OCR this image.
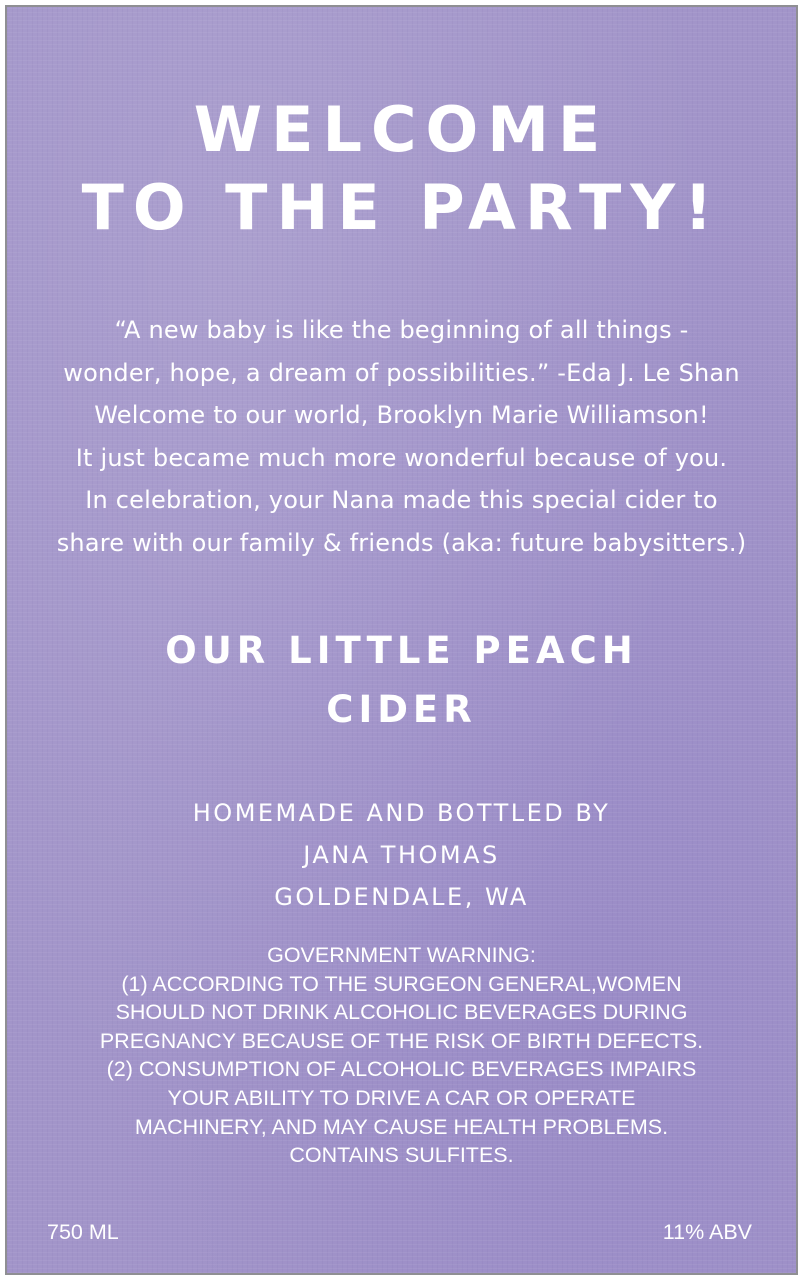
WELCOME
TO THE PARTY!
“A new baby is like the beginning of all things -
wonder, hope, a dream of possibilities.” -Eda J. Le Shan
Welcome to our world, Brooklyn Marie Williamson!
It just became much more wonderful because of you.
In celebration, your Nana made this special cider to
share with our family & friends (aka: future babysitters.)
OUR LITTLE PEACH
CIDER
HOMEMADE AND BOTTLED BY
JANA THOMAS
GOLDENDALE, WA
GOVERNMENT WARNING:
(1) ACCORDING TO THE SURGEON GENERAL,WOMEN
SHOULD NOT DRINK ALCOHOLIC BEVERAGES DURING
PREGNANCY BECAUSE OF THE RISK OF BIRTH DEFECTS.
(2) CONSUMPTION OF ALCOHOLIC BEVERAGES IMPAIRS
YOUR ABILITY TO DRIVE A CAR OR OPERATE
MACHINERY, AND MAY CAUSE HEALTH PROBLEMS.
CONTAINS SULFITES.
750 ML	11% ABV
